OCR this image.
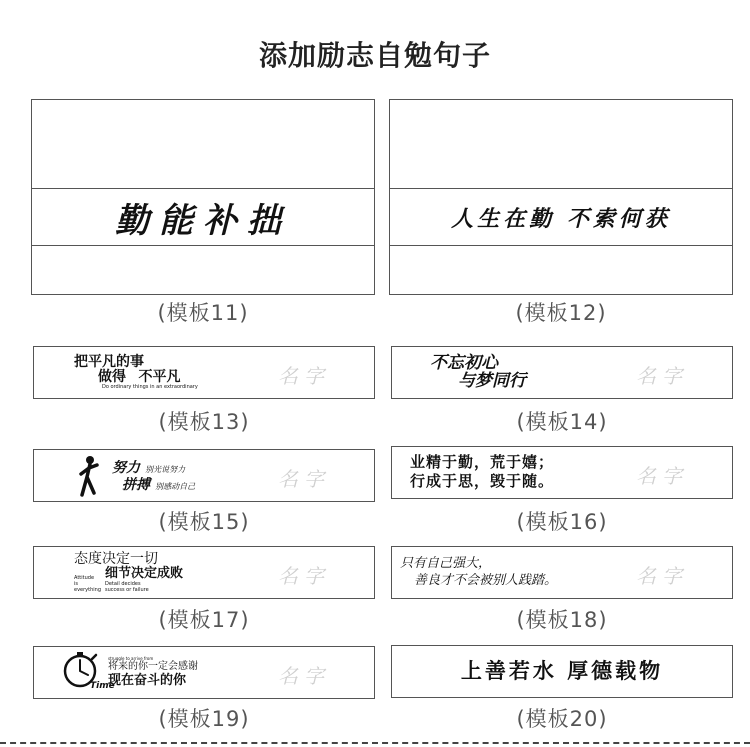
添加励志自勉句子
勤能补拙
(模板11)
人生在勤 不索何获
(模板12)
把平凡的事
做得 不平凡
Do ordinary things in an extraordinary	名字
(模板13)
不忘初心
与梦同行	名字
(模板14)
努力 别光说努力
拼搏 别感动自己	名字
(模板15)
业精于勤，荒于嬉；
行成于思，毁于随。	名字
(模板16)
态度决定一切
Attitude
is
everything
细节决定成败
Detail decides
success or failure
名字
(模板17)
只有自己强大，
善良才不会被别人践踏。	名字
(模板18)
Time
struggle to arrive from
将来的你一定会感谢
现在奋斗的你	名字
(模板19)
上善若水 厚德载物
(模板20)
